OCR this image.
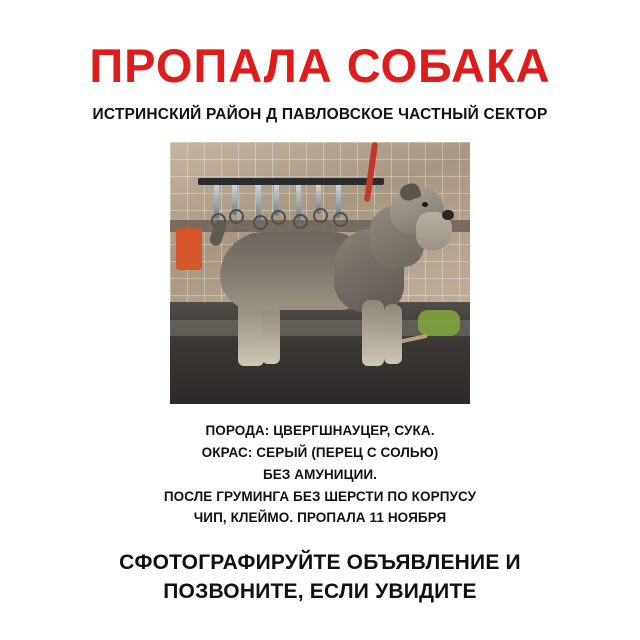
ПРОПАЛА СОБАКА
ИСТРИНСКИЙ РАЙОН Д ПАВЛОВСКОЕ ЧАСТНЫЙ СЕКТОР
ПОРОДА: ЦВЕРГШНАУЦЕР, СУКА.
ОКРАС: СЕРЫЙ (ПЕРЕЦ С СОЛЬЮ)
БЕЗ АМУНИЦИИ.
ПОСЛЕ ГРУМИНГА БЕЗ ШЕРСТИ ПО КОРПУСУ
ЧИП, КЛЕЙМО. ПРОПАЛА 11 НОЯБРЯ
СФОТОГРАФИРУЙТЕ ОБЪЯВЛЕНИЕ И
ПОЗВОНИТЕ, ЕСЛИ УВИДИТЕ
